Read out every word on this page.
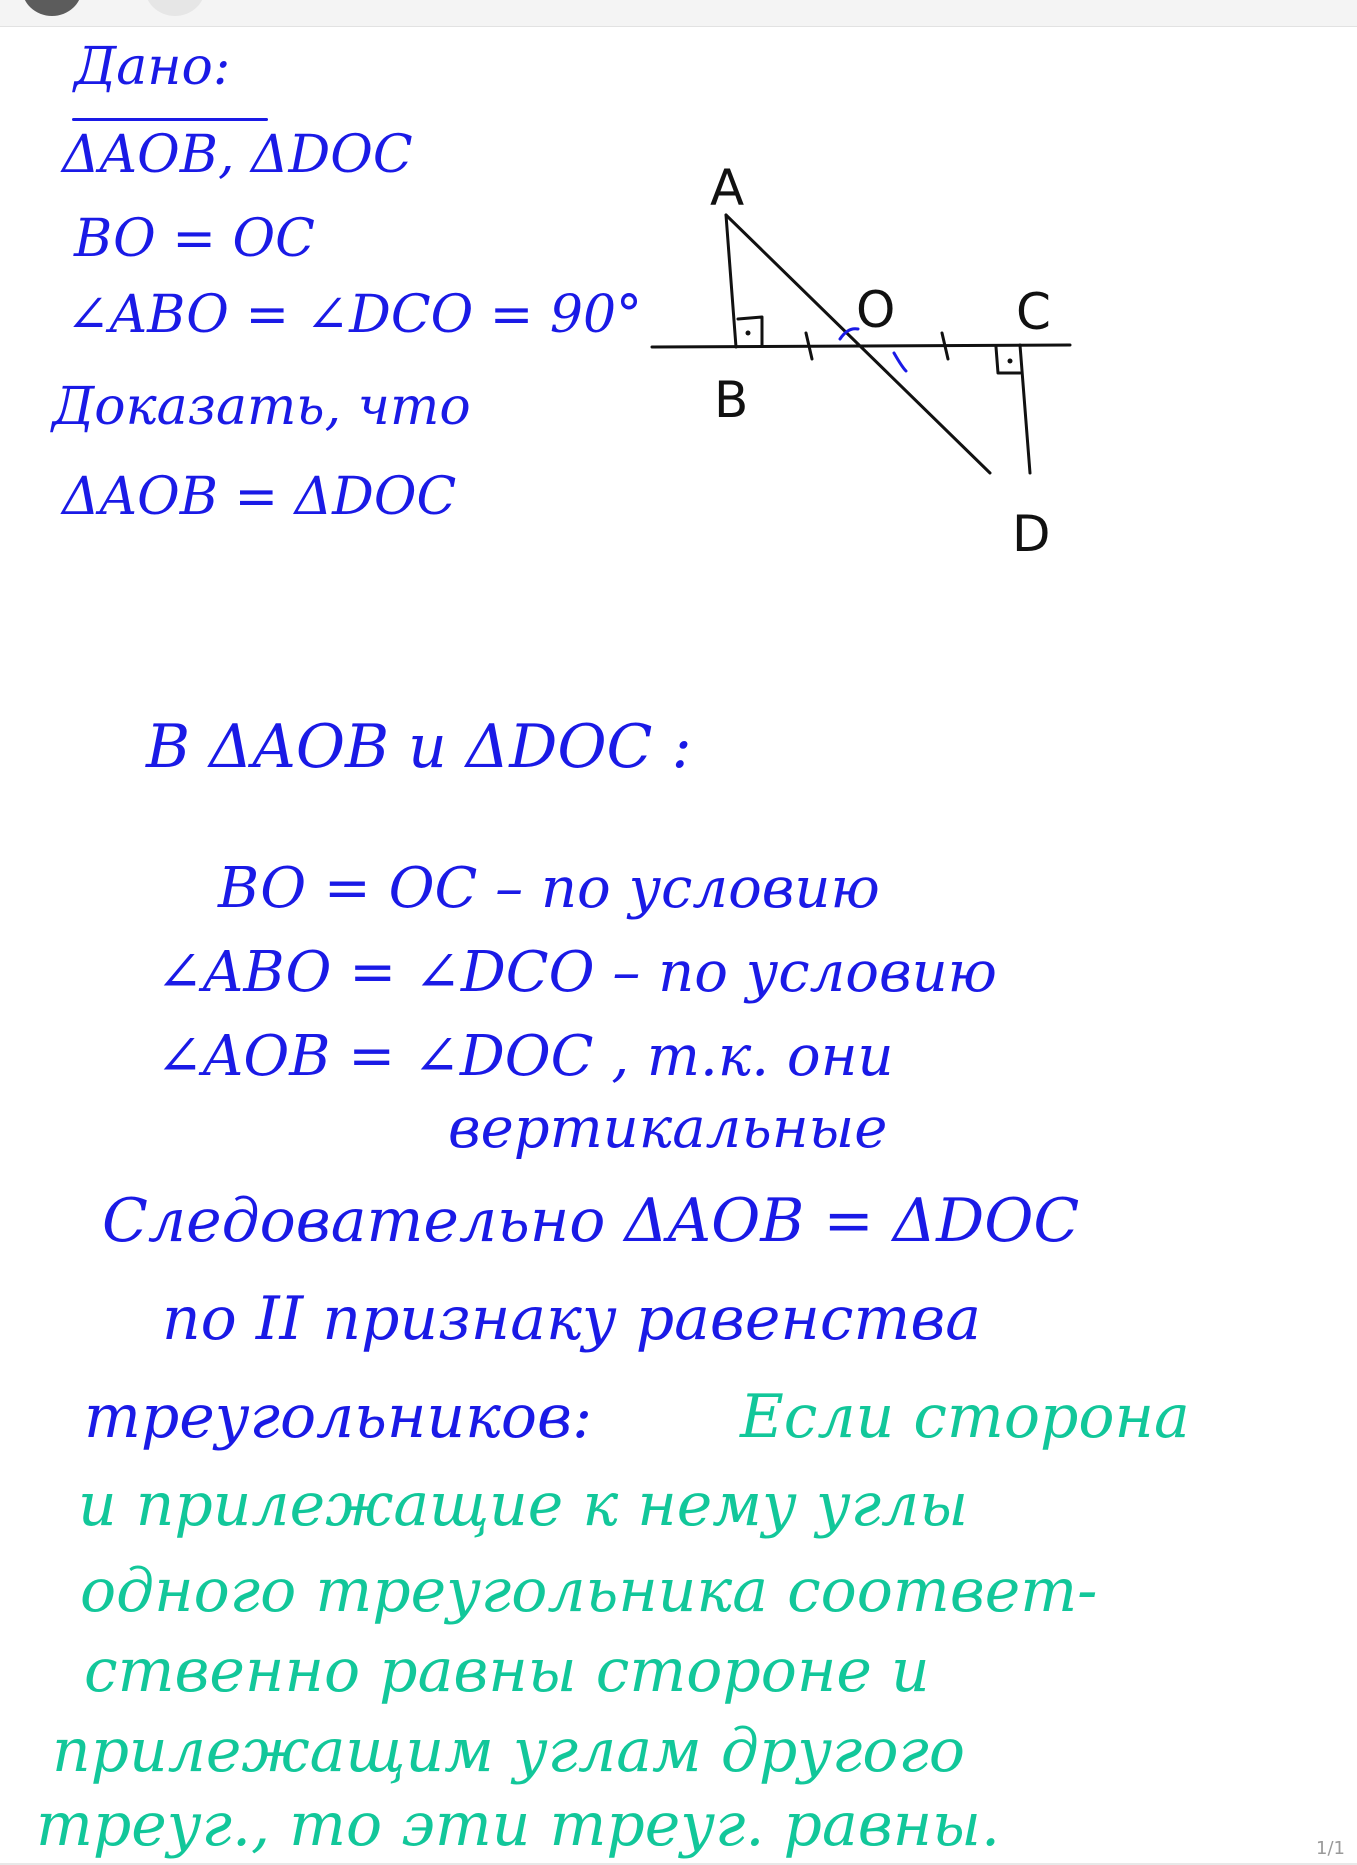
Дано:

ΔAOB, ΔDOC

BO = OC

∠ABO = ∠DCO = 90°

Доказать, что

ΔAOB = ΔDOC

A
B
O C
D

В ΔAOB и ΔDOC :

BO = OC – по условию

∠ABO = ∠DCO – по условию

∠AOB = ∠DOC , т.к. они

вертикальные

Следовательно ΔAOB = ΔDOC

по II признаку равенства

треугольников: Если сторона

и прилежащие к нему углы

одного треугольника соответ-

ственно равны стороне и

прилежащим углам другого

треуг., то эти треуг. равны.	1/1
